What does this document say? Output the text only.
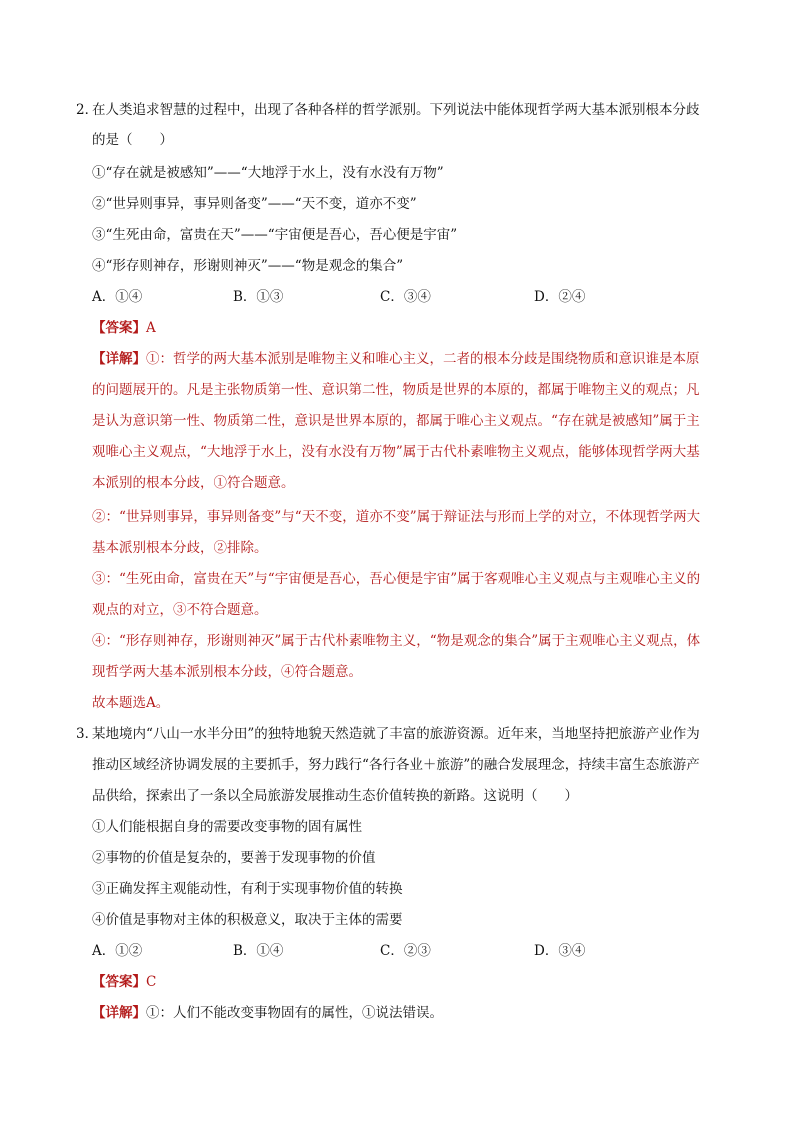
2．
在人类追求智慧的过程中，出现了各种各样的哲学派别。下列说法中能体现哲学两大基本派别根本分歧
的是（　　）
①“存在就是被感知”——“大地浮于水上，没有水没有万物”
②“世异则事异，事异则备变”——“天不变，道亦不变”
③“生死由命，富贵在天”——“宇宙便是吾心，吾心便是宇宙”
④“形存则神存，形谢则神灭”——“物是观念的集合”
A．①④	B．①③	C．③④	D．②④
【答案】A
【详解】①：哲学的两大基本派别是唯物主义和唯心主义，二者的根本分歧是围绕物质和意识谁是本原
的问题展开的。凡是主张物质第一性、意识第二性，物质是世界的本原的，都属于唯物主义的观点；凡
是认为意识第一性、物质第二性，意识是世界本原的，都属于唯心主义观点。“存在就是被感知”属于主
观唯心主义观点，“大地浮于水上，没有水没有万物”属于古代朴素唯物主义观点，能够体现哲学两大基
本派别的根本分歧，①符合题意。
②：“世异则事异，事异则备变”与“天不变，道亦不变”属于辩证法与形而上学的对立，不体现哲学两大
基本派别根本分歧，②排除。
③：“生死由命，富贵在天”与“宇宙便是吾心，吾心便是宇宙”属于客观唯心主义观点与主观唯心主义的
观点的对立，③不符合题意。
④：“形存则神存，形谢则神灭”属于古代朴素唯物主义，“物是观念的集合”属于主观唯心主义观点，体
现哲学两大基本派别根本分歧，④符合题意。
故本题选A。
3．
某地境内“八山一水半分田”的独特地貌天然造就了丰富的旅游资源。近年来，当地坚持把旅游产业作为
推动区域经济协调发展的主要抓手，努力践行“各行各业＋旅游”的融合发展理念，持续丰富生态旅游产
品供给，探索出了一条以全局旅游发展推动生态价值转换的新路。这说明（　　）
①人们能根据自身的需要改变事物的固有属性
②事物的价值是复杂的，要善于发现事物的价值
③正确发挥主观能动性，有利于实现事物价值的转换
④价值是事物对主体的积极意义，取决于主体的需要
A．①②	B．①④	C．②③	D．③④
【答案】C
【详解】①：人们不能改变事物固有的属性，①说法错误。
